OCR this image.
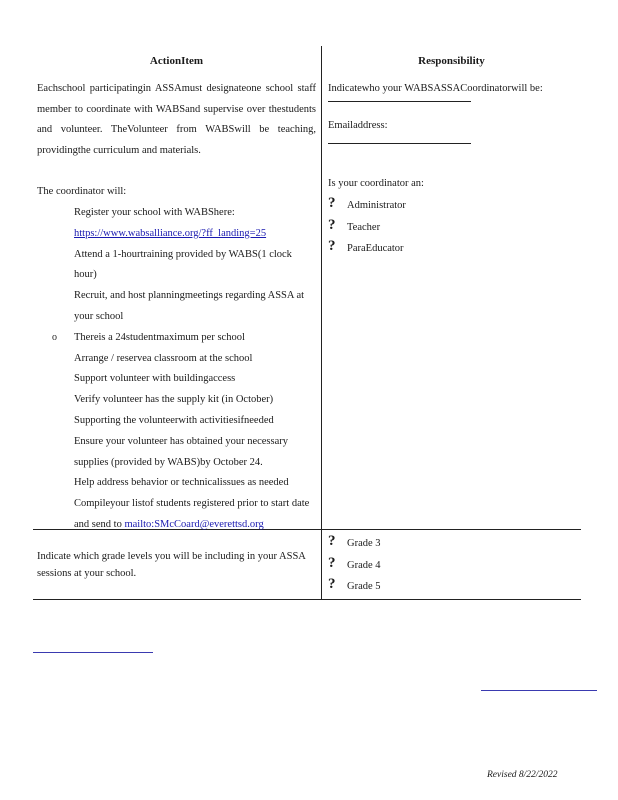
ActionItem
Eachschool participatingin ASSAmust designateone school staff member to coordinate with WABSand supervise over thestudents and volunteer. TheVolunteer from WABSwill be teaching, providingthe curriculum and materials.
The coordinator will:
Register your school with WABShere:
https://www.wabsalliance.org/?ff_landing=25
Attend a 1-hourtraining provided by WABS(1 clock hour)
Recruit, and host planningmeetings regarding ASSA at your school
o Thereis a 24studentmaximum per school
Arrange / reservea classroom at the school
Support volunteer with buildingaccess
Verify volunteer has the supply kit (in October)
Supporting the volunteerwith activitiesifneeded
Ensure your volunteer has obtained your necessary supplies (provided by WABS)by October 24.
Help address behavior or technicalissues as needed
Compileyour listof students registered prior to start date and send to mailto:SMcCoard@everettsd.org
Responsibility
Indicatewho your WABSASSACoordinatorwill be:
Emailaddress:
Is your coordinator an:
? Administrator
? Teacher
? ParaEducator
Indicate which grade levels you will be including in your ASSA sessions at your school.
? Grade 3
? Grade 4
? Grade 5
Revised 8/22/2022
